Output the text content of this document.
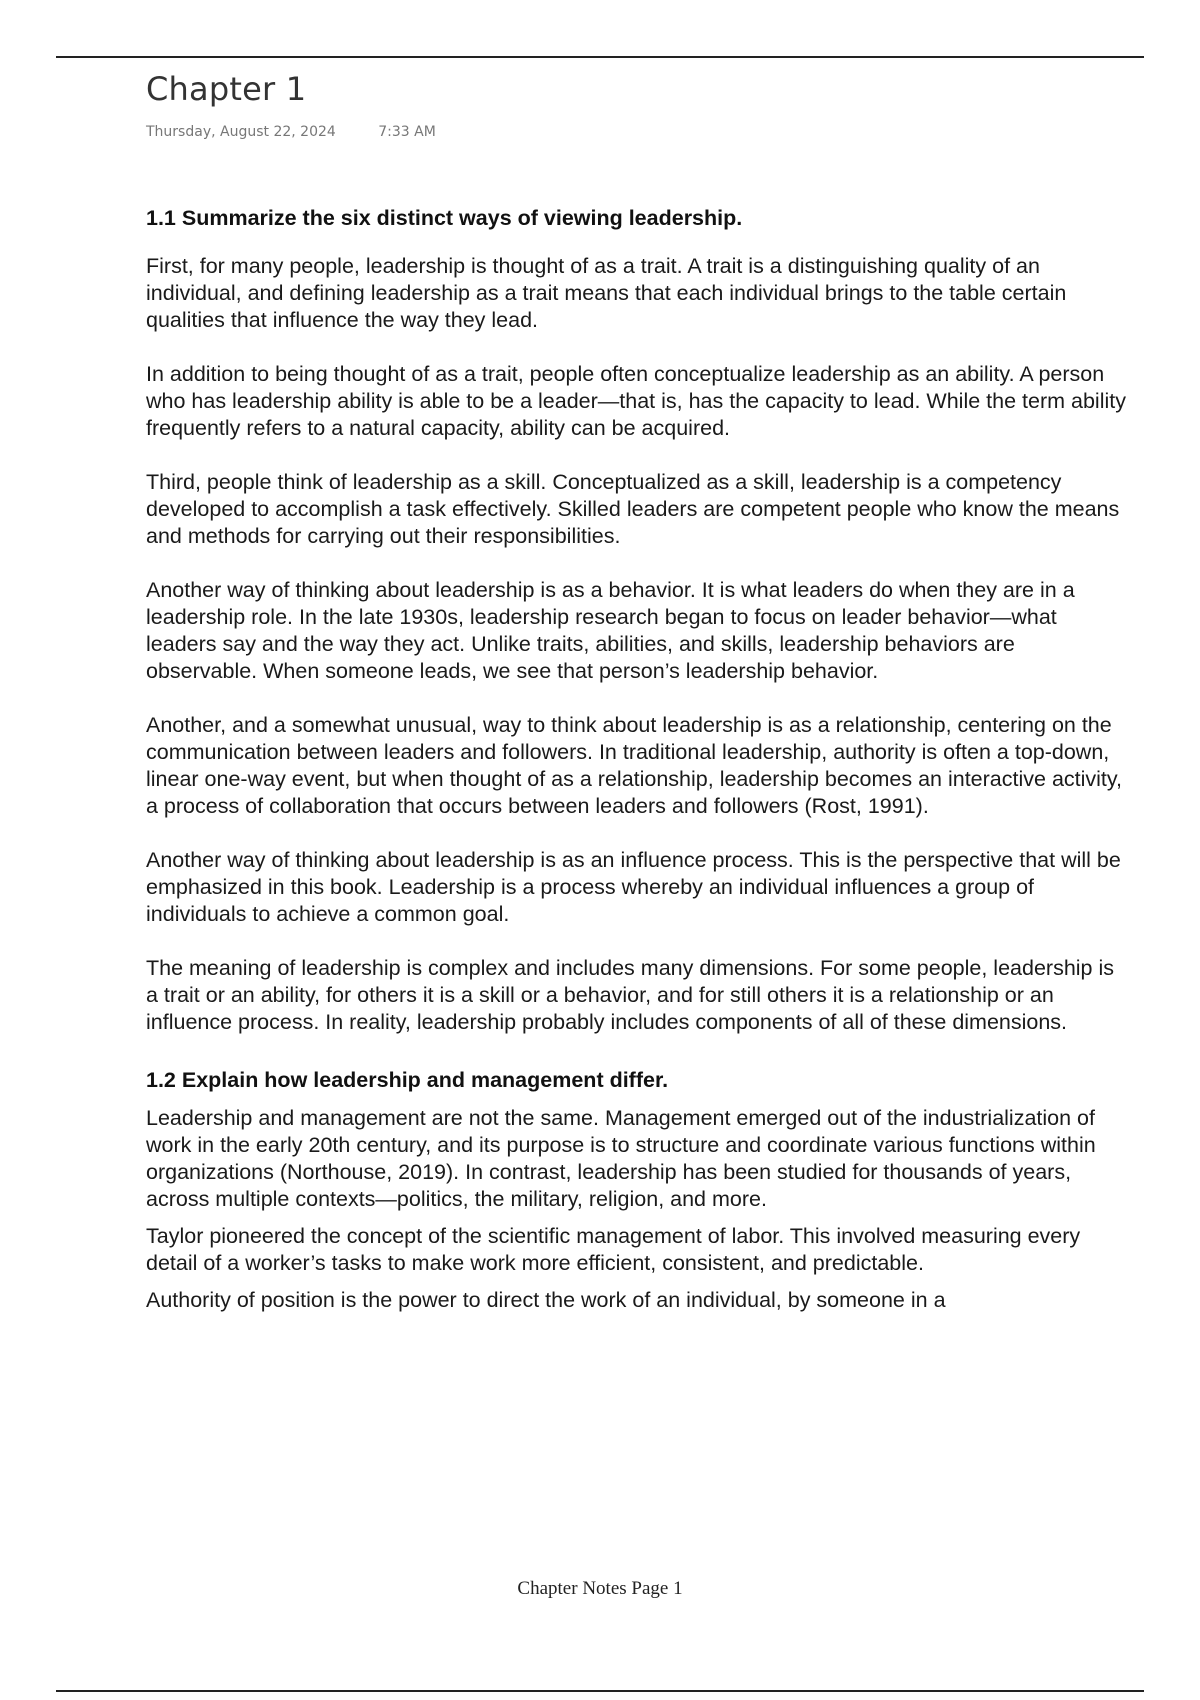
Chapter 1
Thursday, August 22, 2024	7:33 AM
1.1 Summarize the six distinct ways of viewing leadership.

First, for many people, leadership is thought of as a trait. A trait is a distinguishing quality of an individual, and defining leadership as a trait means that each individual brings to the table certain qualities that influence the way they lead.

In addition to being thought of as a trait, people often conceptualize leadership as an ability. A person who has leadership ability is able to be a leader—that is, has the capacity to lead. While the term ability frequently refers to a natural capacity, ability can be acquired.

Third, people think of leadership as a skill. Conceptualized as a skill, leadership is a competency developed to accomplish a task effectively. Skilled leaders are competent people who know the means and methods for carrying out their responsibilities.

Another way of thinking about leadership is as a behavior. It is what leaders do when they are in a leadership role. In the late 1930s, leadership research began to focus on leader behavior—what leaders say and the way they act. Unlike traits, abilities, and skills, leadership behaviors are observable. When someone leads, we see that person’s leadership behavior.

Another, and a somewhat unusual, way to think about leadership is as a relationship, centering on the communication between leaders and followers. In traditional leadership, authority is often a top-down, linear one-way event, but when thought of as a relationship, leadership becomes an interactive activity, a process of collaboration that occurs between leaders and followers (Rost, 1991).

Another way of thinking about leadership is as an influence process. This is the perspective that will be emphasized in this book. Leadership is a process whereby an individual influences a group of individuals to achieve a common goal.

The meaning of leadership is complex and includes many dimensions. For some people, leadership is a trait or an ability, for others it is a skill or a behavior, and for still others it is a relationship or an influence process. In reality, leadership probably includes components of all of these dimensions.

1.2 Explain how leadership and management differ.

Leadership and management are not the same. Management emerged out of the industrialization of work in the early 20th century, and its purpose is to structure and coordinate various functions within organizations (Northouse, 2019). In contrast, leadership has been studied for thousands of years, across multiple contexts—politics, the military, religion, and more.

Taylor pioneered the concept of the scientific management of labor. This involved measuring every detail of a worker’s tasks to make work more efficient, consistent, and predictable.

Authority of position is the power to direct the work of an individual, by someone in a

Chapter Notes Page 1
